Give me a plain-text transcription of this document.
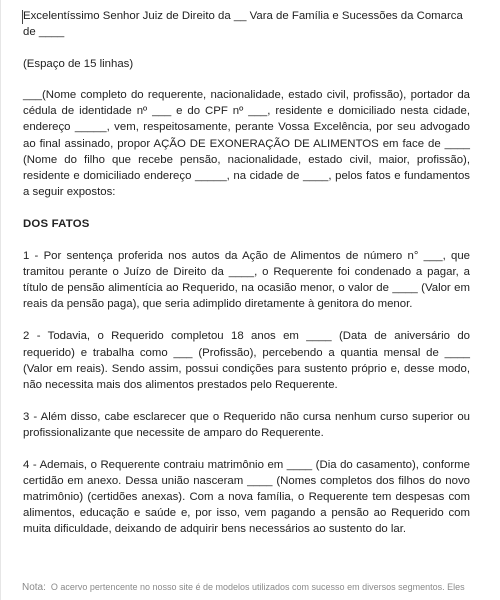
Excelentíssimo Senhor Juiz de Direito da __ Vara de Família e Sucessões da Comarca de ____

(Espaço de 15 linhas)

___(Nome completo do requerente, nacionalidade, estado civil, profissão), portador da cédula de identidade nº ___ e do CPF nº ___, residente e domiciliado nesta cidade, endereço _____, vem, respeitosamente, perante Vossa Excelência, por seu advogado ao final assinado, propor AÇÃO DE EXONERAÇÃO DE ALIMENTOS em face de ____ (Nome do filho que recebe pensão, nacionalidade, estado civil, maior, profissão), residente e domiciliado endereço _____, na cidade de ____, pelos fatos e fundamentos a seguir expostos:

DOS FATOS

1 - Por sentença proferida nos autos da Ação de Alimentos de número n° ___, que tramitou perante o Juízo de Direito da ____, o Requerente foi condenado a pagar, a título de pensão alimentícia ao Requerido, na ocasião menor, o valor de ____ (Valor em reais da pensão paga), que seria adimplido diretamente à genitora do menor.

2 - Todavia, o Requerido completou 18 anos em ____ (Data de aniversário do requerido) e trabalha como ___ (Profissão), percebendo a quantia mensal de ____ (Valor em reais). Sendo assim, possui condições para sustento próprio e, desse modo, não necessita mais dos alimentos prestados pelo Requerente.

3 - Além disso, cabe esclarecer que o Requerido não cursa nenhum curso superior ou profissionalizante que necessite de amparo do Requerente.

4 - Ademais, o Requerente contraiu matrimônio em ____ (Dia do casamento), conforme certidão em anexo. Dessa união nasceram ____ (Nomes completos dos filhos do novo matrimônio) (certidões anexas). Com a nova família, o Requerente tem despesas com alimentos, educação e saúde e, por isso, vem pagando a pensão ao Requerido com muita dificuldade, deixando de adquirir bens necessários ao sustento do lar.

Nota: O acervo pertencente no nosso site é de modelos utilizados com sucesso em diversos segmentos. Eles
